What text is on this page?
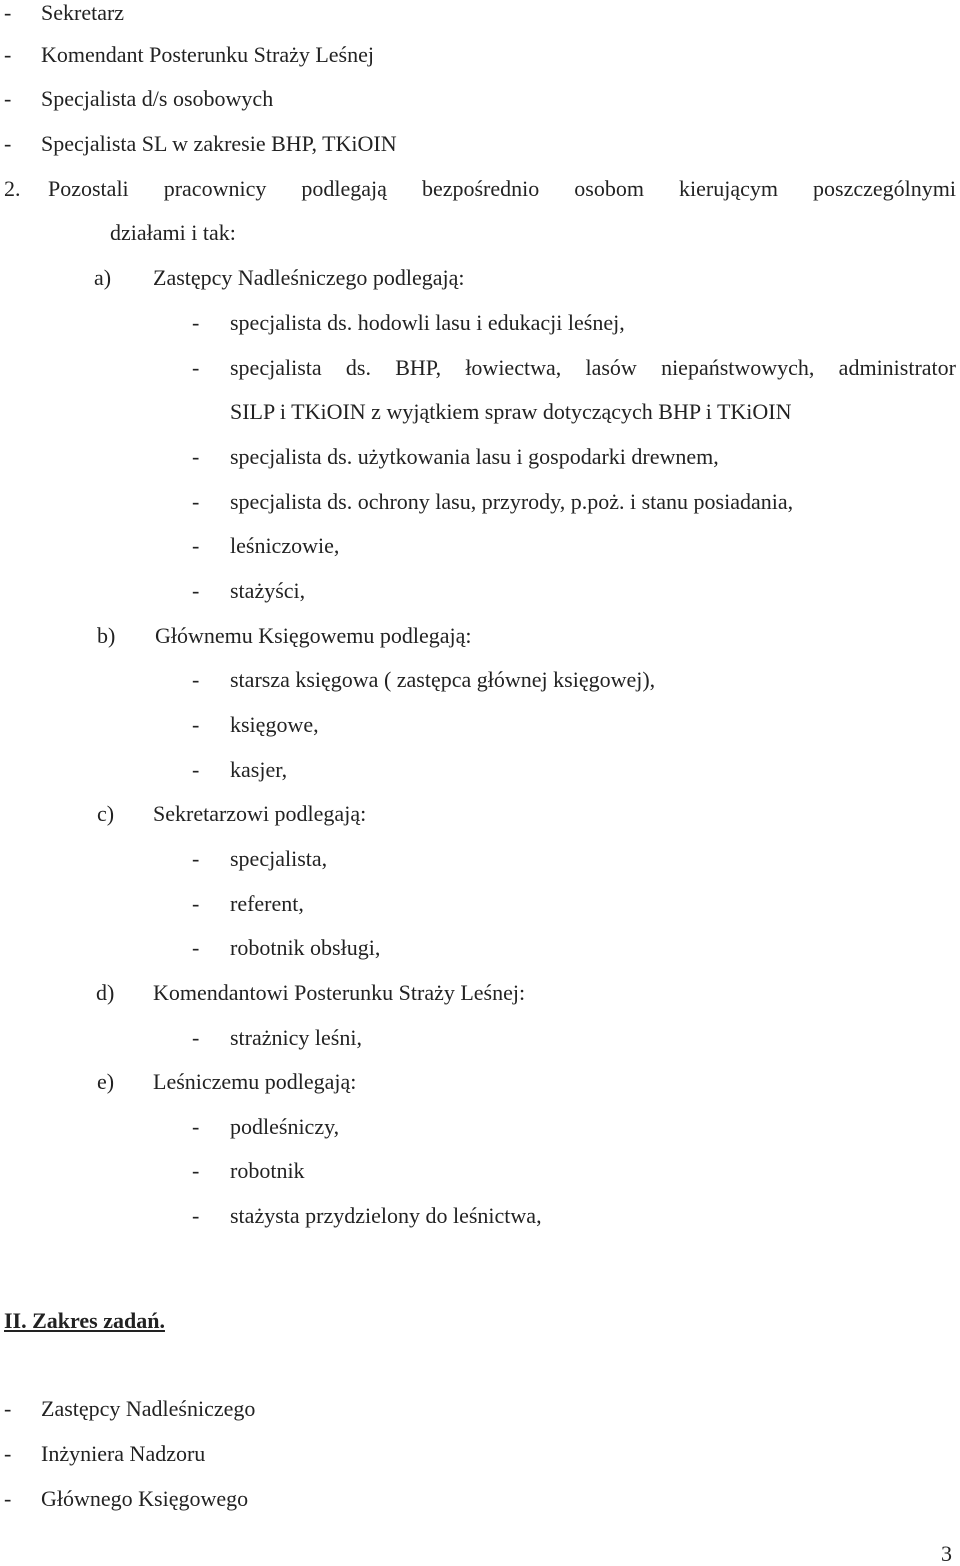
- Sekretarz
- Komendant Posterunku Straży Leśnej
- Specjalista d/s osobowych
- Specjalista SL w zakresie BHP, TKiOIN
2. Pozostali pracownicy podlegają bezpośrednio osobom kierującym poszczególnymi
działami i tak:
a) Zastępcy Nadleśniczego podlegają:
- specjalista ds. hodowli lasu i edukacji leśnej,
- specjalista ds. BHP, łowiectwa, lasów niepaństwowych, administrator
SILP i TKiOIN z wyjątkiem spraw dotyczących BHP i TKiOIN
- specjalista ds. użytkowania lasu i gospodarki drewnem,
- specjalista ds. ochrony lasu, przyrody, p.poż. i stanu posiadania,
- leśniczowie,
- stażyści,
b) Głównemu Księgowemu podlegają:
- starsza księgowa ( zastępca głównej księgowej),
- księgowe,
- kasjer,
c) Sekretarzowi podlegają:
- specjalista,
- referent,
- robotnik obsługi,
d) Komendantowi Posterunku Straży Leśnej:
- strażnicy leśni,
e) Leśniczemu podlegają:
- podleśniczy,
- robotnik
- stażysta przydzielony do leśnictwa,
II. Zakres zadań.
- Zastępcy Nadleśniczego
- Inżyniera Nadzoru
- Głównego Księgowego
3
